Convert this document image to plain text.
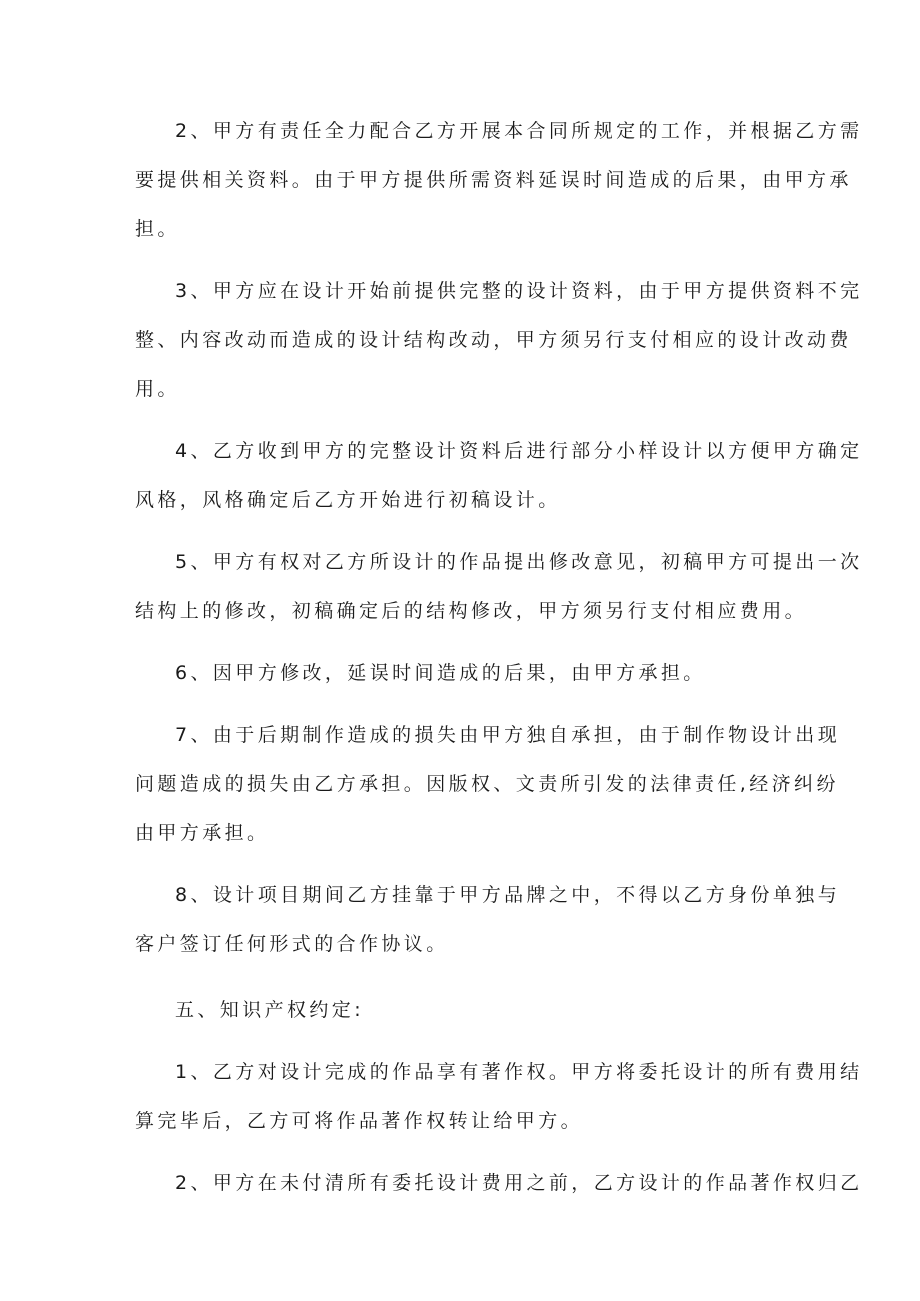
2、甲方有责任全力配合乙方开展本合同所规定的工作，并根据乙方需
要提供相关资料。由于甲方提供所需资料延误时间造成的后果，由甲方承
担。
3、甲方应在设计开始前提供完整的设计资料，由于甲方提供资料不完
整、内容改动而造成的设计结构改动，甲方须另行支付相应的设计改动费
用。
4、乙方收到甲方的完整设计资料后进行部分小样设计以方便甲方确定
风格，风格确定后乙方开始进行初稿设计。
5、甲方有权对乙方所设计的作品提出修改意见，初稿甲方可提出一次
结构上的修改，初稿确定后的结构修改，甲方须另行支付相应费用。
6、因甲方修改，延误时间造成的后果，由甲方承担。
7、由于后期制作造成的损失由甲方独自承担，由于制作物设计出现
问题造成的损失由乙方承担。因版权、文责所引发的法律责任,经济纠纷
由甲方承担。
8、设计项目期间乙方挂靠于甲方品牌之中，不得以乙方身份单独与
客户签订任何形式的合作协议。
五、知识产权约定:
1、乙方对设计完成的作品享有著作权。甲方将委托设计的所有费用结
算完毕后，乙方可将作品著作权转让给甲方。
2、甲方在未付清所有委托设计费用之前，乙方设计的作品著作权归乙
